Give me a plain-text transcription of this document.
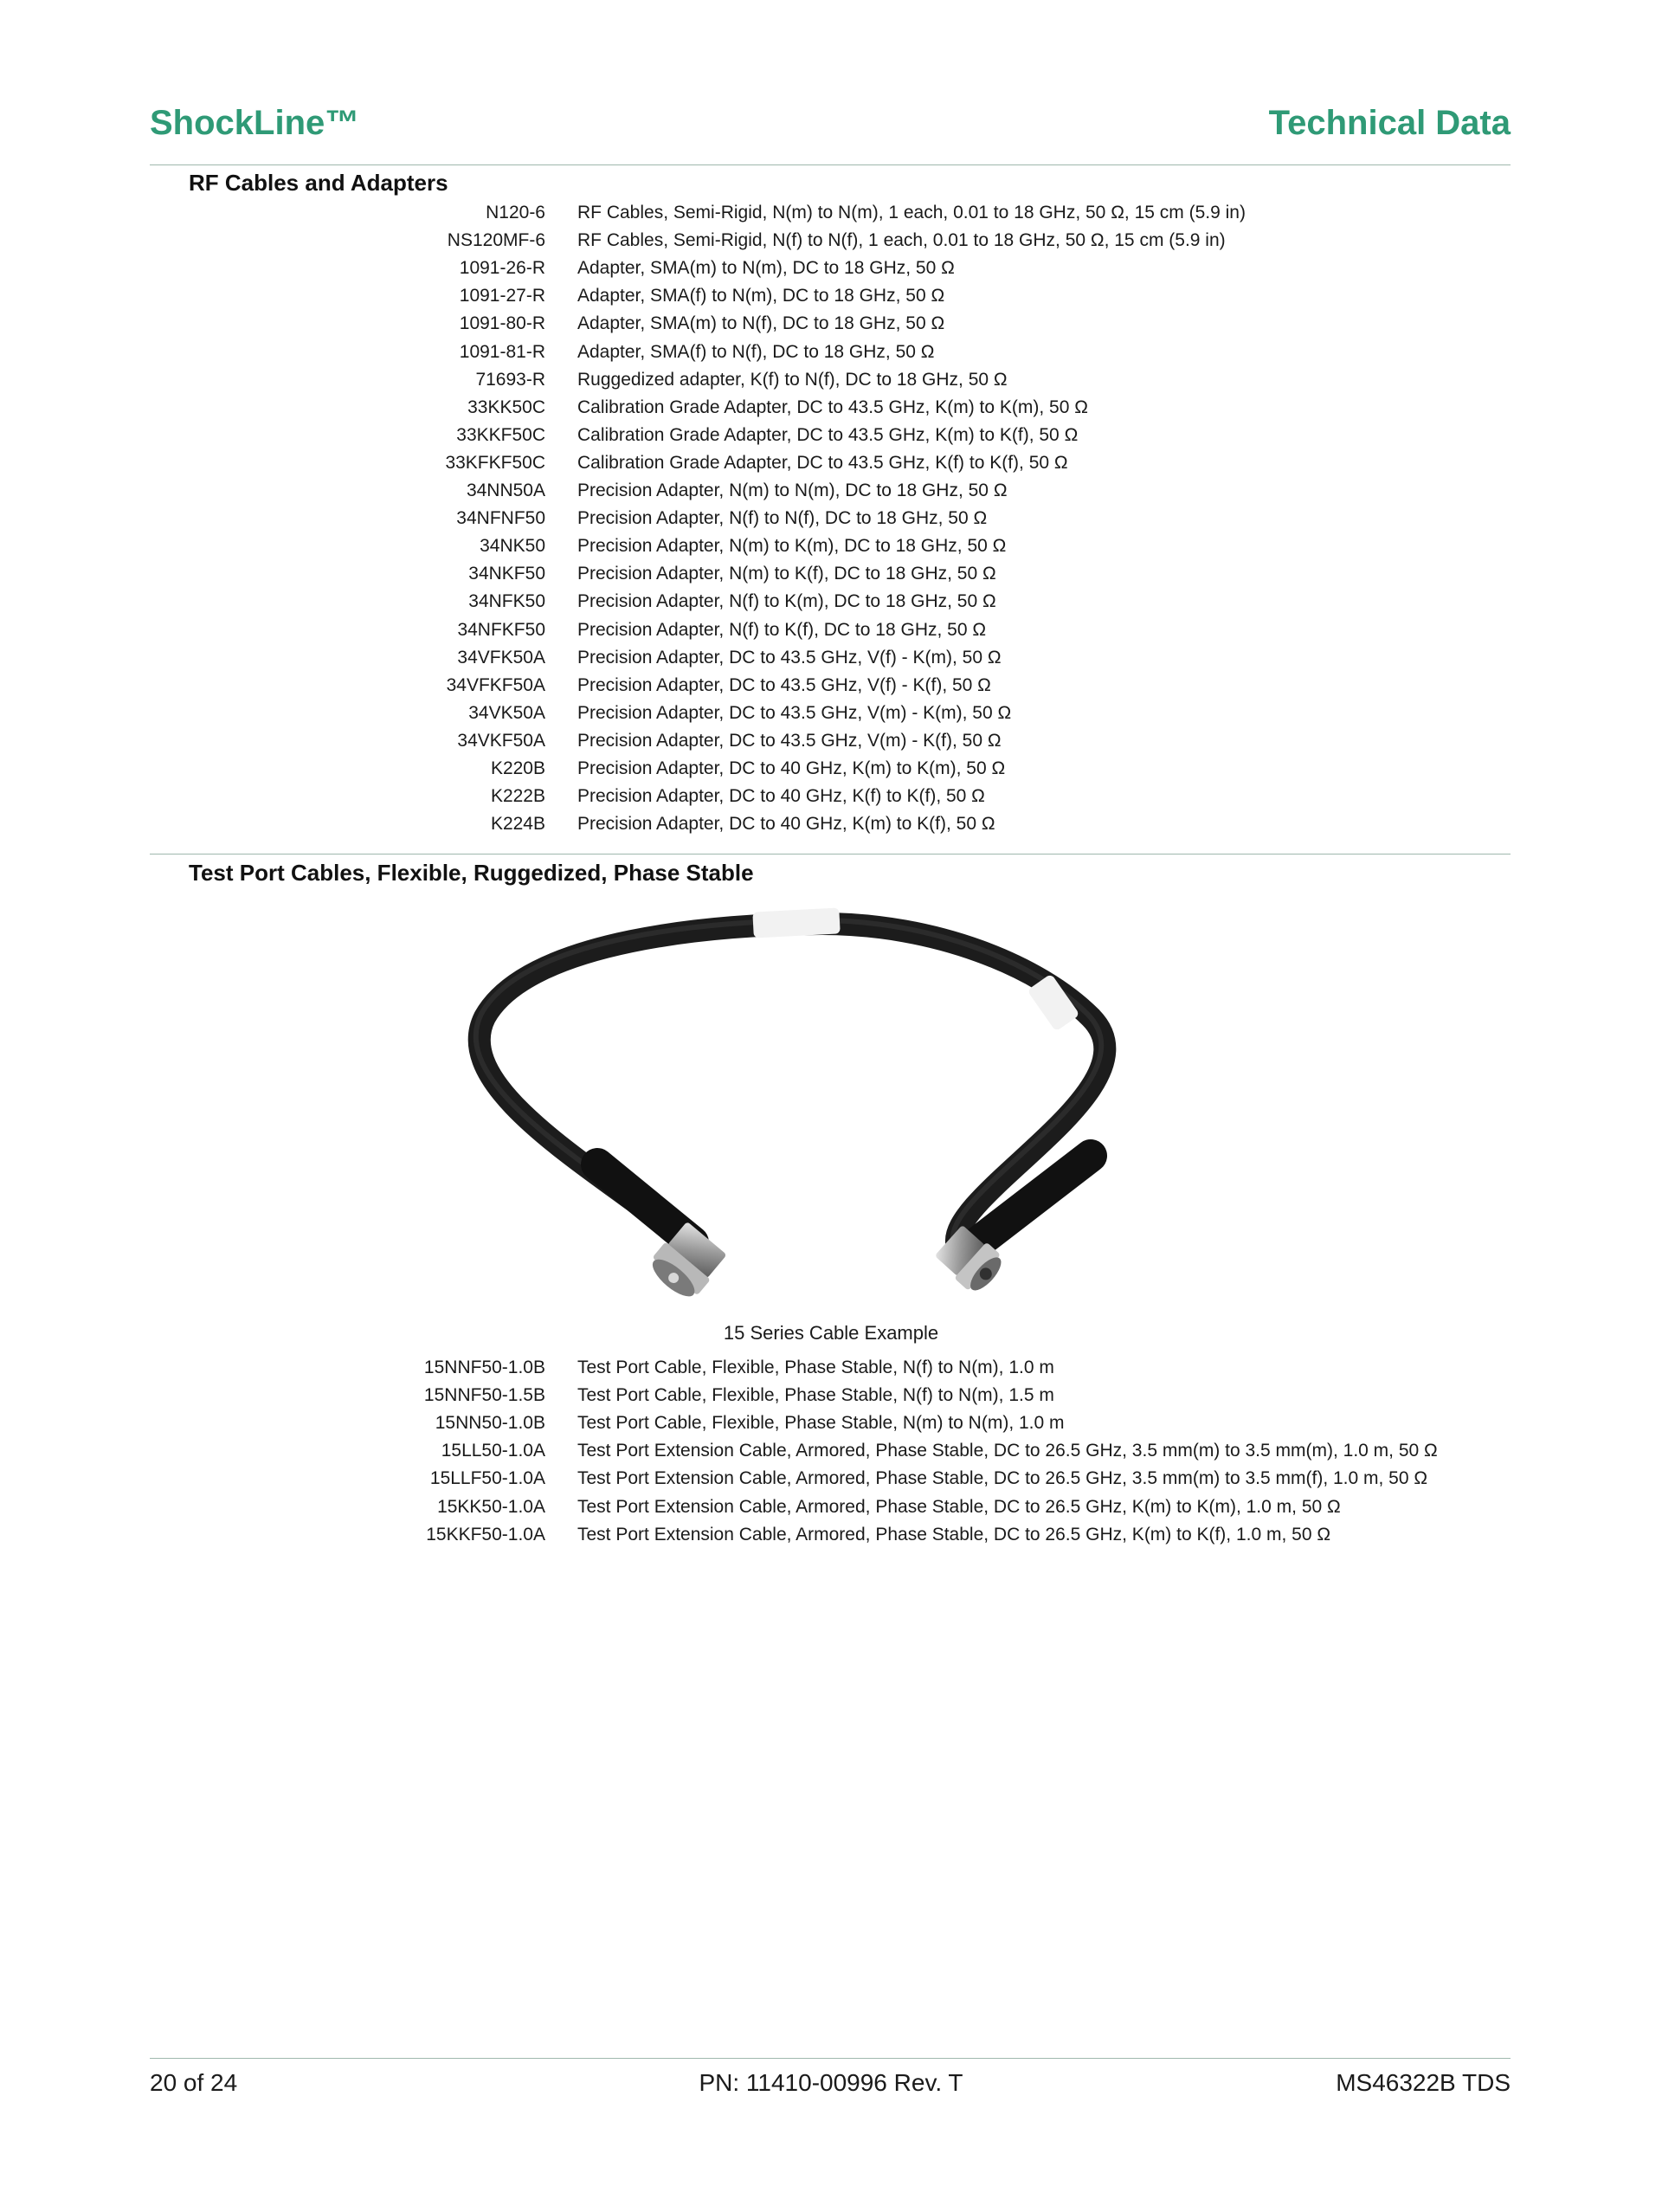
ShockLine™	Technical Data
RF Cables and Adapters
N120-6 RF Cables, Semi-Rigid, N(m) to N(m), 1 each, 0.01 to 18 GHz, 50 Ω, 15 cm (5.9 in)
NS120MF-6 RF Cables, Semi-Rigid, N(f) to N(f), 1 each, 0.01 to 18 GHz, 50 Ω, 15 cm (5.9 in)
1091-26-R Adapter, SMA(m) to N(m), DC to 18 GHz, 50 Ω
1091-27-R Adapter, SMA(f) to N(m), DC to 18 GHz, 50 Ω
1091-80-R Adapter, SMA(m) to N(f), DC to 18 GHz, 50 Ω
1091-81-R Adapter, SMA(f) to N(f), DC to 18 GHz, 50 Ω
71693-R Ruggedized adapter, K(f) to N(f), DC to 18 GHz, 50 Ω
33KK50C Calibration Grade Adapter, DC to 43.5 GHz, K(m) to K(m), 50 Ω
33KKF50C Calibration Grade Adapter, DC to 43.5 GHz, K(m) to K(f), 50 Ω
33KFKF50C Calibration Grade Adapter, DC to 43.5 GHz, K(f) to K(f), 50 Ω
34NN50A Precision Adapter, N(m) to N(m), DC to 18 GHz, 50 Ω
34NFNF50 Precision Adapter, N(f) to N(f), DC to 18 GHz, 50 Ω
34NK50 Precision Adapter, N(m) to K(m), DC to 18 GHz, 50 Ω
34NKF50 Precision Adapter, N(m) to K(f), DC to 18 GHz, 50 Ω
34NFK50 Precision Adapter, N(f) to K(m), DC to 18 GHz, 50 Ω
34NFKF50 Precision Adapter, N(f) to K(f), DC to 18 GHz, 50 Ω
34VFK50A Precision Adapter, DC to 43.5 GHz, V(f) - K(m), 50 Ω
34VFKF50A Precision Adapter, DC to 43.5 GHz, V(f) - K(f), 50 Ω
34VK50A Precision Adapter, DC to 43.5 GHz, V(m) - K(m), 50 Ω
34VKF50A Precision Adapter, DC to 43.5 GHz, V(m) - K(f), 50 Ω
K220B Precision Adapter, DC to 40 GHz, K(m) to K(m), 50 Ω
K222B Precision Adapter, DC to 40 GHz, K(f) to K(f), 50 Ω
K224B Precision Adapter, DC to 40 GHz, K(m) to K(f), 50 Ω
Test Port Cables, Flexible, Ruggedized, Phase Stable
15 Series Cable Example
15NNF50-1.0B Test Port Cable, Flexible, Phase Stable, N(f) to N(m), 1.0 m
15NNF50-1.5B Test Port Cable, Flexible, Phase Stable, N(f) to N(m), 1.5 m
15NN50-1.0B Test Port Cable, Flexible, Phase Stable, N(m) to N(m), 1.0 m
15LL50-1.0A Test Port Extension Cable, Armored, Phase Stable, DC to 26.5 GHz, 3.5 mm(m) to 3.5 mm(m), 1.0 m, 50 Ω
15LLF50-1.0A Test Port Extension Cable, Armored, Phase Stable, DC to 26.5 GHz, 3.5 mm(m) to 3.5 mm(f), 1.0 m, 50 Ω
15KK50-1.0A Test Port Extension Cable, Armored, Phase Stable, DC to 26.5 GHz, K(m) to K(m), 1.0 m, 50 Ω
15KKF50-1.0A Test Port Extension Cable, Armored, Phase Stable, DC to 26.5 GHz, K(m) to K(f), 1.0 m, 50 Ω
20 of 24	PN: 11410-00996 Rev. T	MS46322B TDS
